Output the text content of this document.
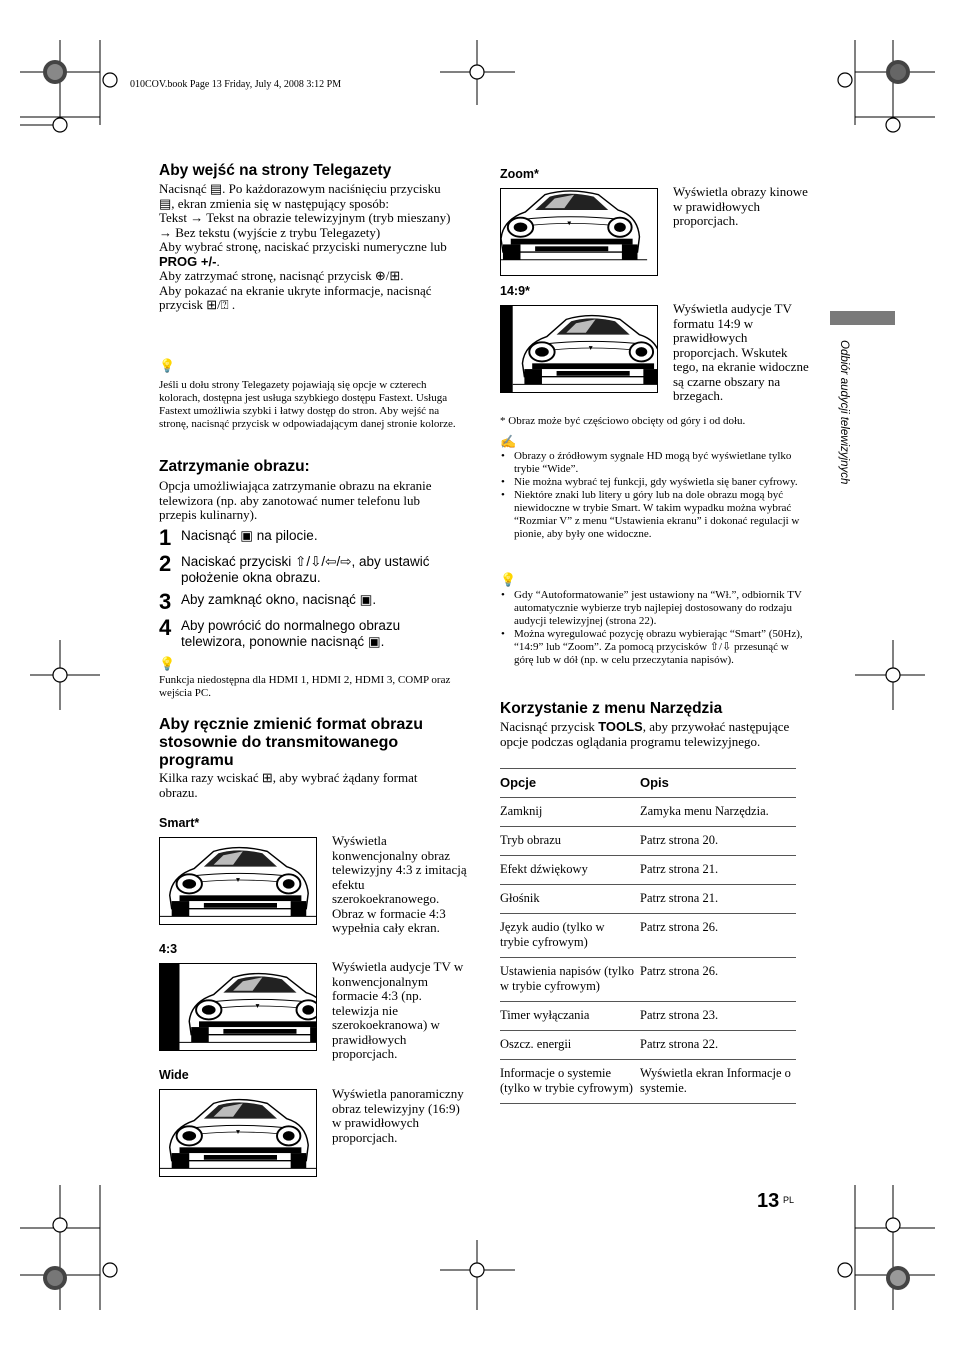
010COV.book Page 13 Friday, July 4, 2008 3:12 PM
Odbiór audycji telewizyjnych
Aby wejść na strony Telegazety
Nacisnąć ▤. Po każdorazowym naciśnięciu przycisku ▤, ekran zmienia się w następujący sposób:
Tekst → Tekst na obrazie telewizyjnym (tryb mieszany) → Bez tekstu (wyjście z trybu Telegazety)
Aby wybrać stronę, naciskać przyciski numeryczne lub PROG +/-.
Aby zatrzymać stronę, nacisnąć przycisk ⊕/⊞.
Aby pokazać na ekranie ukryte informacje, nacisnąć przycisk ⊞/⍰ .
💡
Jeśli u dołu strony Telegazety pojawiają się opcje w czterech kolorach, dostępna jest usługa szybkiego dostępu Fastext. Usługa Fastext umożliwia szybki i łatwy dostęp do stron. Aby wejść na stronę, nacisnąć przycisk w odpowiadającym danej stronie kolorze.
Zatrzymanie obrazu:
Opcja umożliwiająca zatrzymanie obrazu na ekranie telewizora (np. aby zanotować numer telefonu lub przepis kulinarny).
1 Nacisnąć ▣ na pilocie.
2 Naciskać przyciski ⇧/⇩/⇦/⇨, aby ustawić położenie okna obrazu.
3 Aby zamknąć okno, nacisnąć ▣.
4 Aby powrócić do normalnego obrazu telewizora, ponownie nacisnąć ▣.
💡
Funkcja niedostępna dla HDMI 1, HDMI 2, HDMI 3, COMP oraz wejścia PC.
Aby ręcznie zmienić format obrazu stosownie do transmitowanego programu
Kilka razy wciskać ⊞, aby wybrać żądany format obrazu.
Smart*
Wyświetla konwencjonalny obraz telewizyjny 4:3 z imitacją efektu szerokoekranowego. Obraz w formacie 4:3 wypełnia cały ekran.
4:3
Wyświetla audycje TV w konwencjonalnym formacie 4:3 (np. telewizja nie szerokoekranowa) w prawidłowych proporcjach.
Wide
Wyświetla panoramiczny obraz telewizyjny (16:9) w prawidłowych proporcjach.
Zoom*
Wyświetla obrazy kinowe w prawidłowych proporcjach.
14:9*
Wyświetla audycje TV formatu 14:9 w prawidłowych proporcjach. Wskutek tego, na ekranie widoczne są czarne obszary na brzegach.
* Obraz może być częściowo obcięty od góry i od dołu.
✍
• Obrazy o źródłowym sygnale HD mogą być wyświetlane tylko trybie “Wide”.
• Nie można wybrać tej funkcji, gdy wyświetla się baner cyfrowy.
• Niektóre znaki lub litery u góry lub na dole obrazu mogą być niewidoczne w trybie Smart. W takim wypadku można wybrać “Rozmiar V” z menu “Ustawienia ekranu” i dokonać regulacji w pionie, aby były one widoczne.
💡
• Gdy “Autoformatowanie” jest ustawiony na “Wł.”, odbiornik TV automatycznie wybierze tryb najlepiej dostosowany do rodzaju audycji telewizyjnej (strona 22).
• Można wyregulować pozycję obrazu wybierając “Smart” (50Hz), “14:9” lub “Zoom”. Za pomocą przycisków ⇧/⇩ przesunąć w górę lub w dół (np. w celu przeczytania napisów).
Korzystanie z menu Narzędzia
Nacisnąć przycisk TOOLS, aby przywołać następujące opcje podczas oglądania programu telewizyjnego.
Opcje	Opis
Zamknij	Zamyka menu Narzędzia.
Tryb obrazu	Patrz strona 20.
Efekt dźwiękowy	Patrz strona 21.
Głośnik	Patrz strona 21.
Język audio (tylko w trybie cyfrowym)	Patrz strona 26.
Ustawienia napisów (tylko w trybie cyfrowym)	Patrz strona 26.
Timer wyłączania	Patrz strona 23.
Oszcz. energii	Patrz strona 22.
Informacje o systemie (tylko w trybie cyfrowym)	Wyświetla ekran Informacje o systemie.
13 PL
